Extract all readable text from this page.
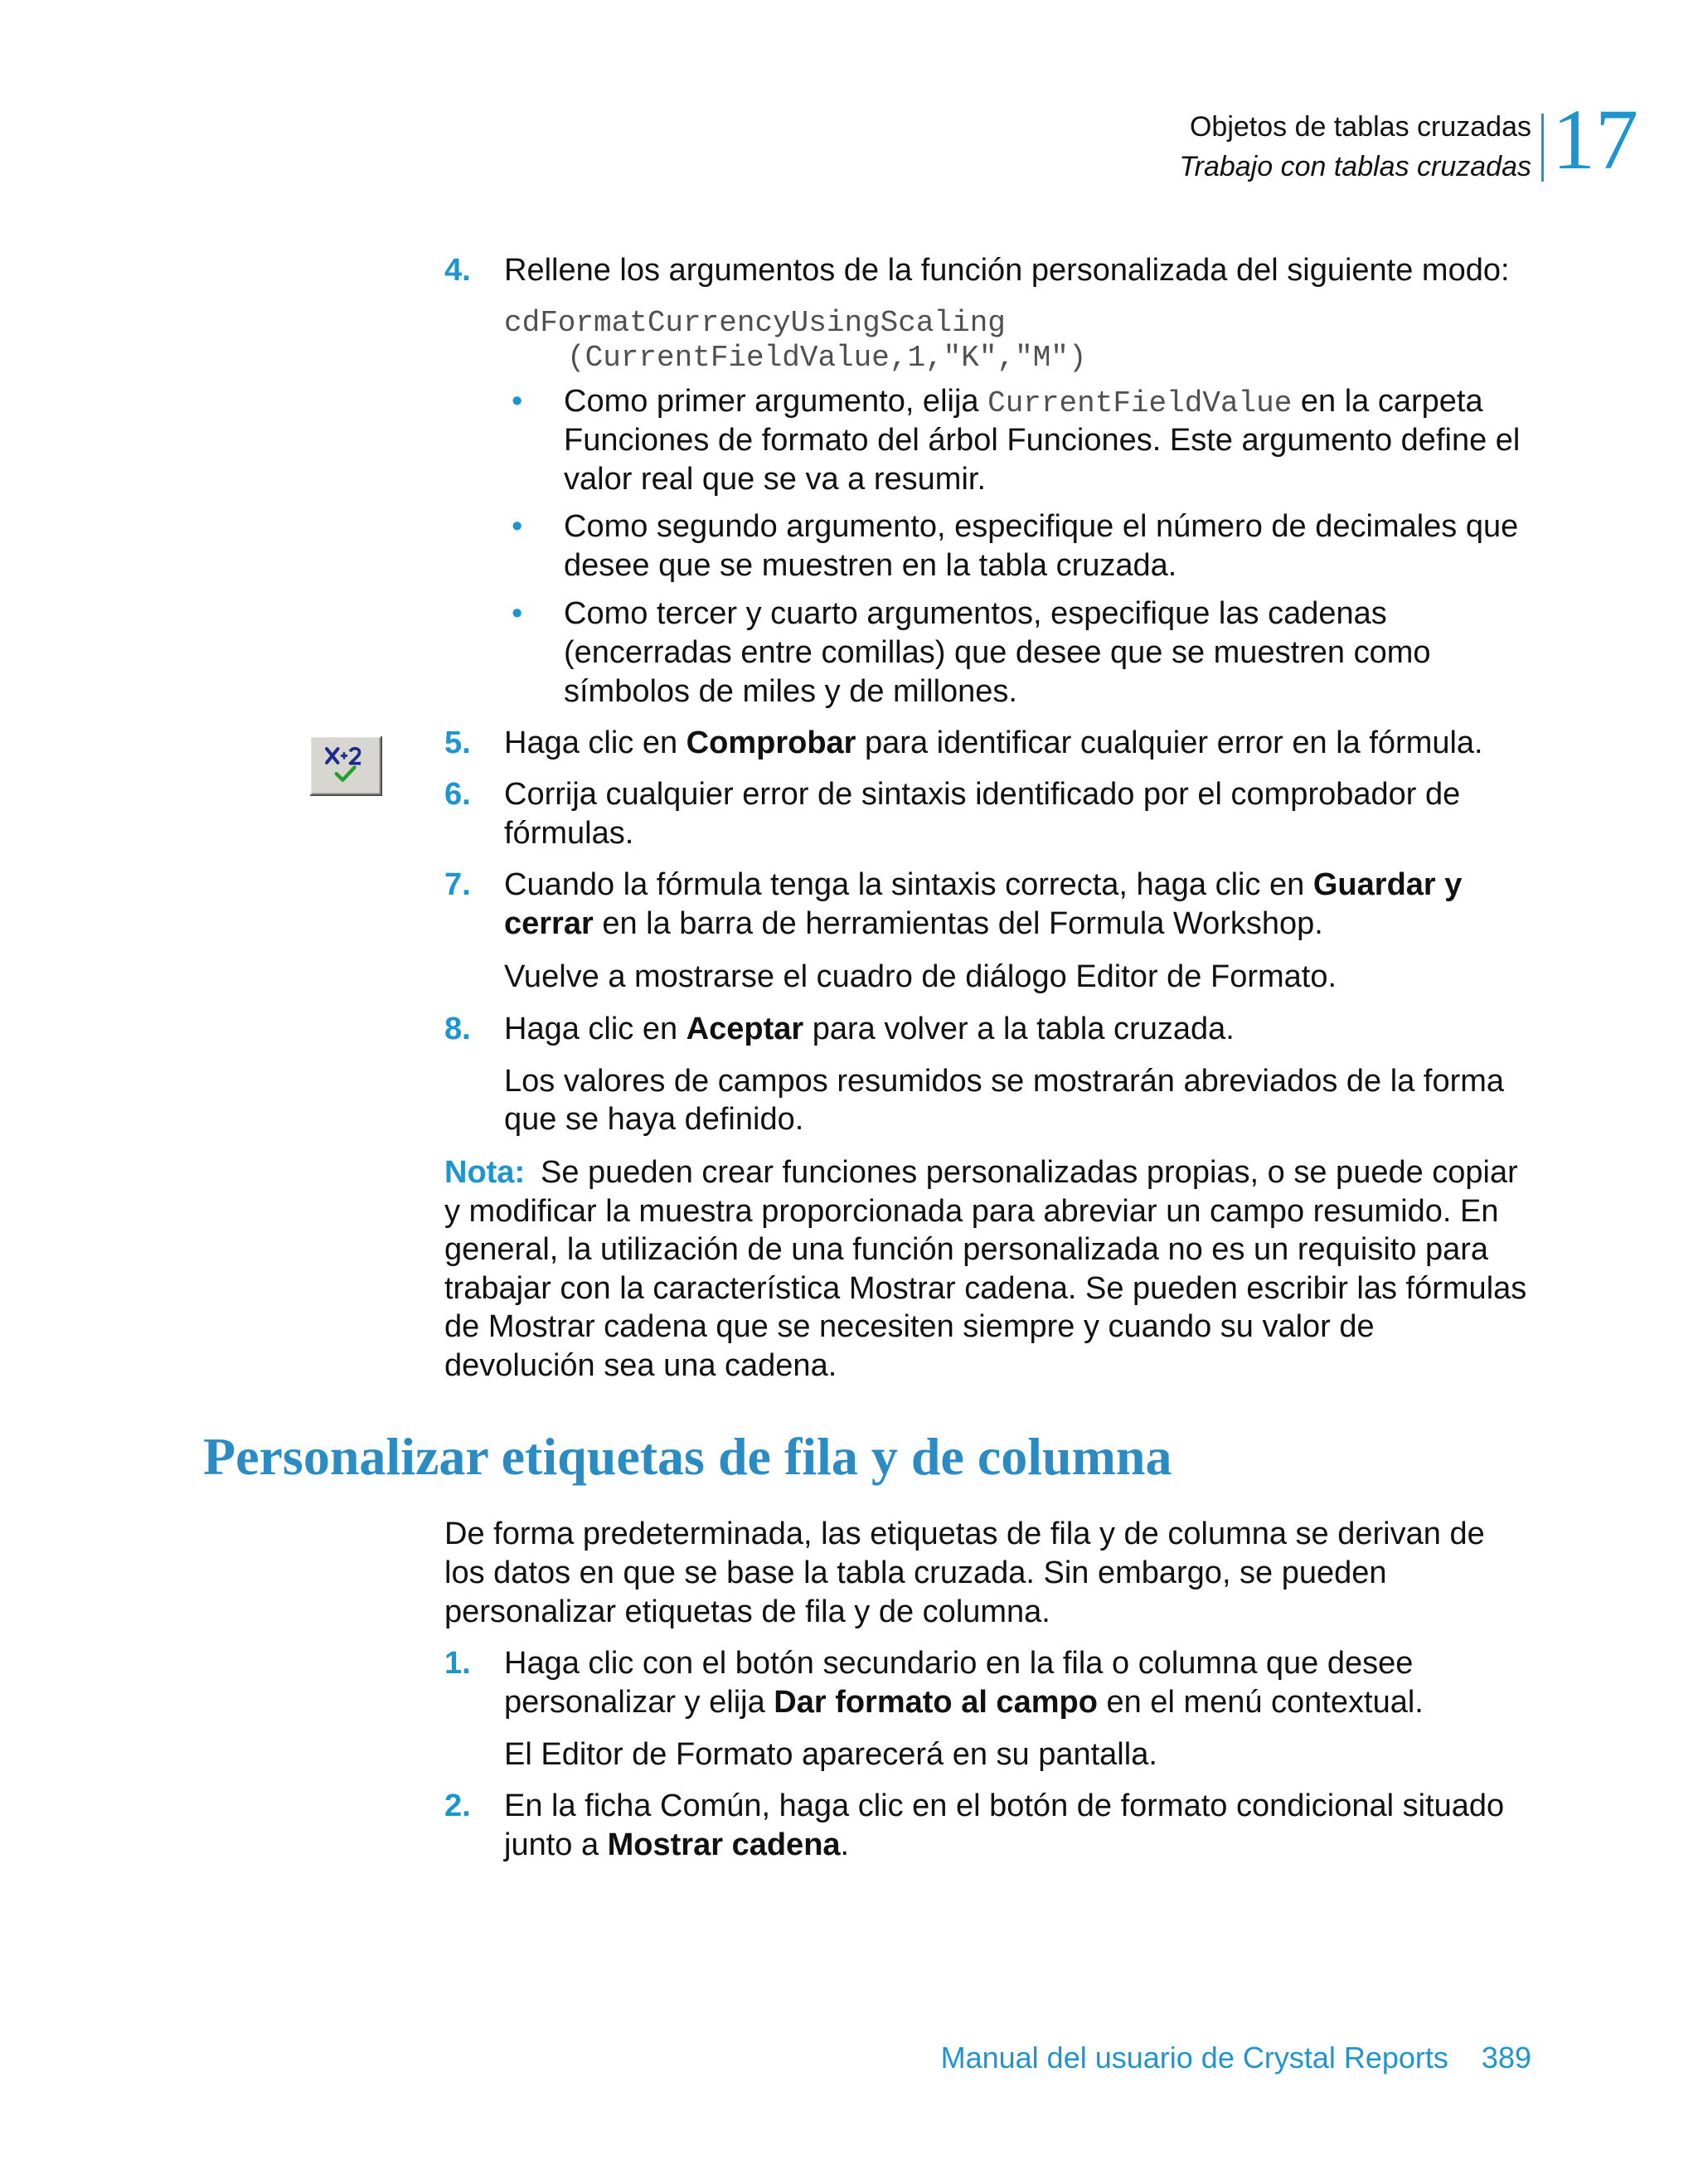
Objetos de tablas cruzadas
Trabajo con tablas cruzadas 17
4. Rellene los argumentos de la función personalizada del siguiente modo:
cdFormatCurrencyUsingScaling
(CurrentFieldValue,1,"K","M")
• Como primer argumento, elija CurrentFieldValue en la carpeta
Funciones de formato del árbol Funciones. Este argumento define el
valor real que se va a resumir.
• Como segundo argumento, especifique el número de decimales que
desee que se muestren en la tabla cruzada.
• Como tercer y cuarto argumentos, especifique las cadenas
(encerradas entre comillas) que desee que se muestren como
símbolos de miles y de millones.
5. Haga clic en Comprobar para identificar cualquier error en la fórmula.
6. Corrija cualquier error de sintaxis identificado por el comprobador de
fórmulas.
7. Cuando la fórmula tenga la sintaxis correcta, haga clic en Guardar y
cerrar en la barra de herramientas del Formula Workshop.
Vuelve a mostrarse el cuadro de diálogo Editor de Formato.
8. Haga clic en Aceptar para volver a la tabla cruzada.
Los valores de campos resumidos se mostrarán abreviados de la forma
que se haya definido.
Nota: Se pueden crear funciones personalizadas propias, o se puede copiar
y modificar la muestra proporcionada para abreviar un campo resumido. En
general, la utilización de una función personalizada no es un requisito para
trabajar con la característica Mostrar cadena. Se pueden escribir las fórmulas
de Mostrar cadena que se necesiten siempre y cuando su valor de
devolución sea una cadena.
Personalizar etiquetas de fila y de columna
De forma predeterminada, las etiquetas de fila y de columna se derivan de
los datos en que se base la tabla cruzada. Sin embargo, se pueden
personalizar etiquetas de fila y de columna.
1. Haga clic con el botón secundario en la fila o columna que desee
personalizar y elija Dar formato al campo en el menú contextual.
El Editor de Formato aparecerá en su pantalla.
2. En la ficha Común, haga clic en el botón de formato condicional situado
junto a Mostrar cadena.
Manual del usuario de Crystal Reports 389
